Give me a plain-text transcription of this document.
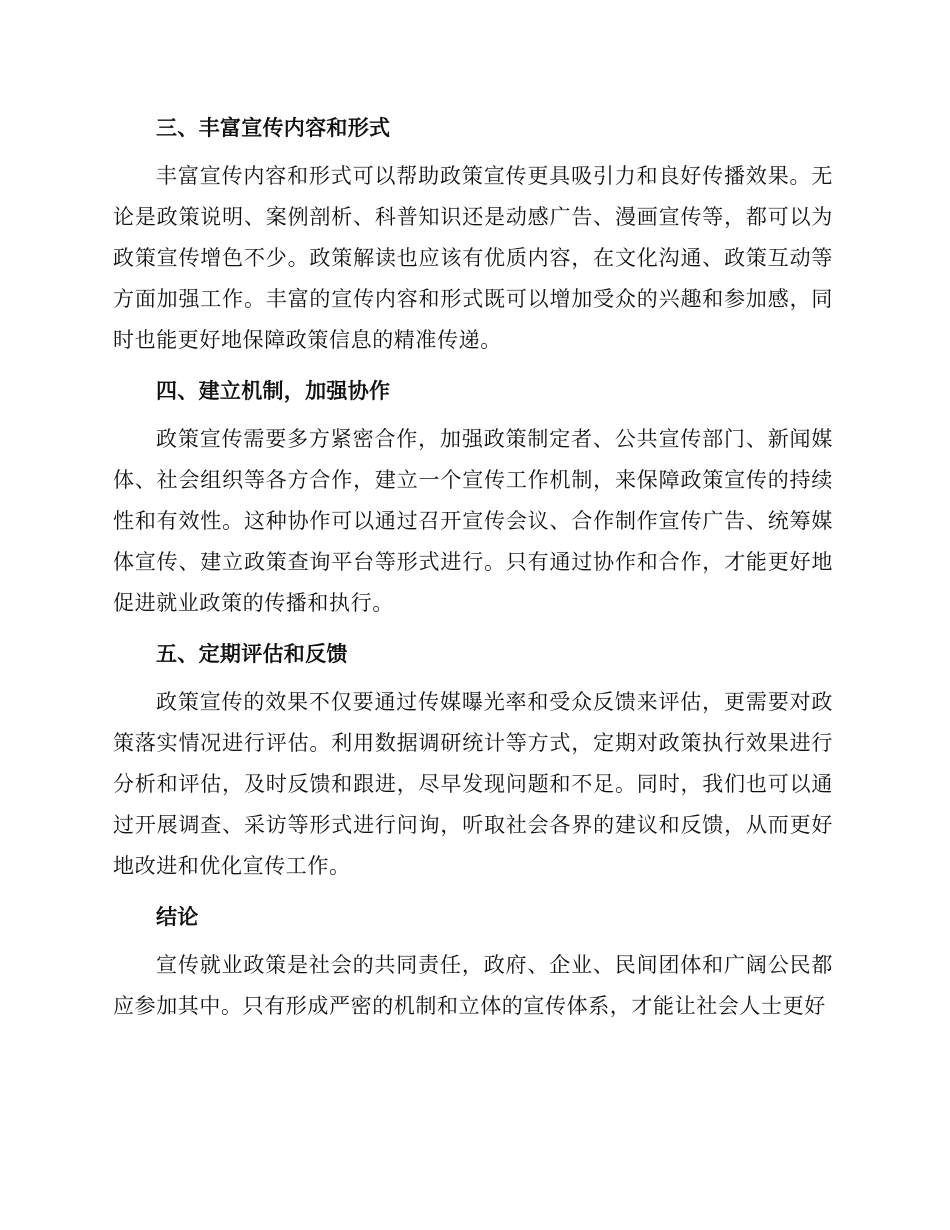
三、丰富宣传内容和形式

丰富宣传内容和形式可以帮助政策宣传更具吸引力和良好传播效果。无论是政策说明、案例剖析、科普知识还是动感广告、漫画宣传等，都可以为政策宣传增色不少。政策解读也应该有优质内容，在文化沟通、政策互动等方面加强工作。丰富的宣传内容和形式既可以增加受众的兴趣和参加感，同时也能更好地保障政策信息的精准传递。

四、建立机制，加强协作

政策宣传需要多方紧密合作，加强政策制定者、公共宣传部门、新闻媒体、社会组织等各方合作，建立一个宣传工作机制，来保障政策宣传的持续性和有效性。这种协作可以通过召开宣传会议、合作制作宣传广告、统筹媒体宣传、建立政策查询平台等形式进行。只有通过协作和合作，才能更好地促进就业政策的传播和执行。

五、定期评估和反馈

政策宣传的效果不仅要通过传媒曝光率和受众反馈来评估，更需要对政策落实情况进行评估。利用数据调研统计等方式，定期对政策执行效果进行分析和评估，及时反馈和跟进，尽早发现问题和不足。同时，我们也可以通过开展调查、采访等形式进行问询，听取社会各界的建议和反馈，从而更好地改进和优化宣传工作。

结论

宣传就业政策是社会的共同责任，政府、企业、民间团体和广阔公民都应参加其中。只有形成严密的机制和立体的宣传体系，才能让社会人士更好
